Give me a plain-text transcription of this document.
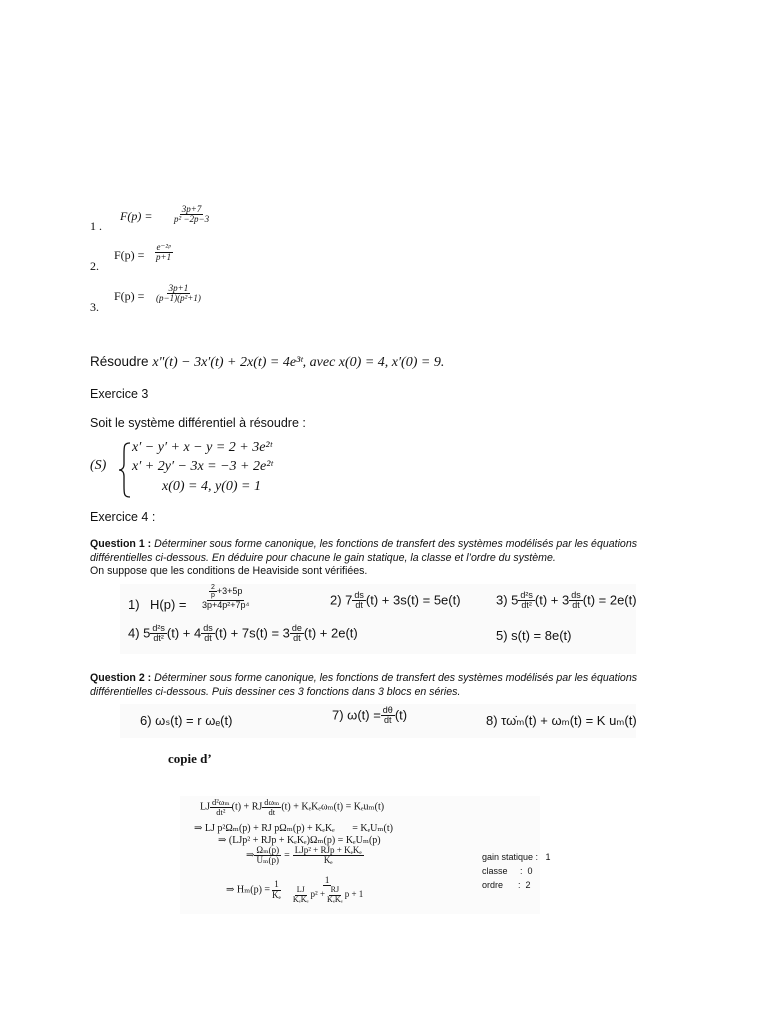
1 .
$F(p) = \frac{3p+7}{\text{p² −2p−3}}$
2.
$F(p) = \frac{\text{e⁻²ᵖ}}{p+1}$
3.
$F(p) = \frac{3p+1}{\text{(p−1)(p²+1)}}$
Résoudre x"(t) − 3x′(t) + 2x(t) = 4e³ᵗ, avec x(0) = 4, x′(0) = 9.
Exercice 3
Soit le système différentiel à résoudre :
(S)
x′ − y′ + x − y = 2 + 3e²ᵗ
x′ + 2y′ − 3x = −3 + 2e²ᵗ
x(0) = 4, y(0) = 1
Exercice 4 :
Question 1 : Déterminer sous forme canonique, les fonctions de transfert des systèmes modélisés par les équations différentielles ci-dessous. En déduire pour chacune le gain statique, la classe et l’ordre du système.
On suppose que les conditions de Heaviside sont vérifiées.
1) $H(p) = \frac{\frac{2}{p} +3+5p}{\text{3p+4p²+7p⁴}}$	2) $7 \frac{ds}{dt} (t) + 3s(t) = 5e(t)$	3) $5 \frac{\text{d²s}}{\text{dt²}} (t) + 3 \frac{ds}{dt} (t) = 2e(t)$
4) $5 \frac{\text{d²s}}{\text{dt²}} (t) + 4 \frac{ds}{dt} (t) + 7s(t) = 3 \frac{de}{dt} (t) + 2e(t)$	5) s(t) = 8e(t)
Question 2 : Déterminer sous forme canonique, les fonctions de transfert des systèmes modélisés par les équations différentielles ci-dessous. Puis dessiner ces 3 fonctions dans 3 blocs en séries.
6) ωₛ(t) = r ωₑ(t)	7) $\omega(t) = \frac{d\theta}{dt} (t)$	8) τω̇ₘ(t) + ωₘ(t) = K uₘ(t)
copie d’
LJ $\frac{\text{d²ωₘ}}{\text{dt²}} (t)$ + RJ $\frac{\text{dωₘ}}{dt} (t) + K_eK_e\omega_m(t) = K_eu_m(t)$
⇒ LJ p²Ωₘ(p) + RJ pΩₘ(p) + KₑKₑ       = KₑUₘ(t)
⇒ (LJp² + RJp + KₑKₑ)Ωₘ(p) = KₑUₘ(p)
⇒ $\frac{\text{Ωₘ(p)}}{\text{Uₘ(p)}} = \frac{\text{LJp² + RJp + KₑKₑ}}{\text{Kₑ}}$
⇒ $H_m(p) = \frac{1}{\text{Kₑ}} \frac{1}{\frac{LJ}{\text{KₑKₑ}} p^2 + \frac{RJ}{\text{KₑKₑ}} p + 1}$
gain statique :   1
classe     :  0
ordre      :  2
